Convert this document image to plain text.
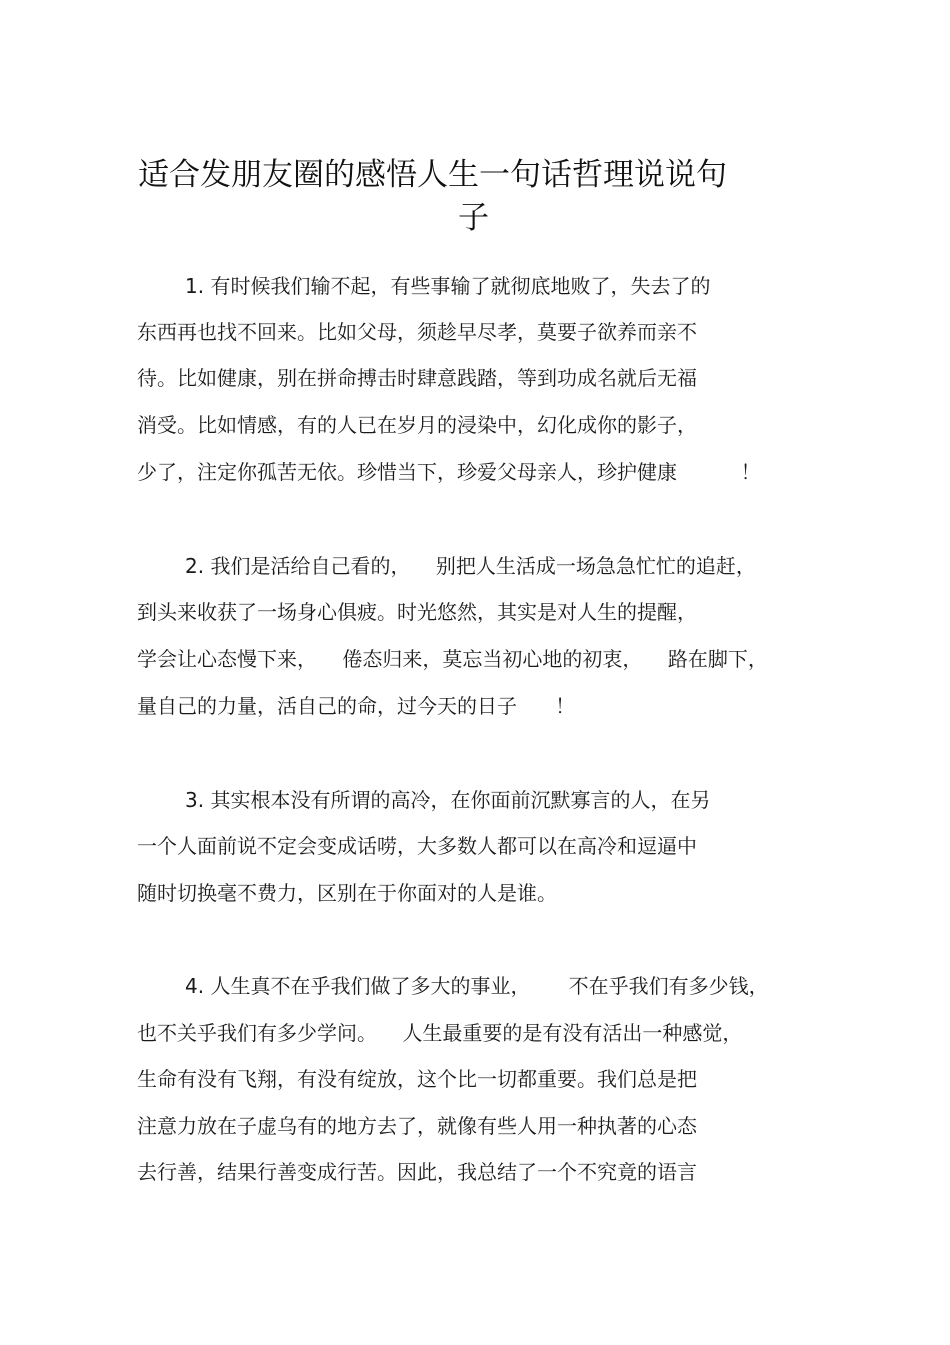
适合发朋友圈的感悟人生一句话哲理说说句
子
1. 有时候我们输不起，有些事输了就彻底地败了，失去了的
东西再也找不回来。比如父母，须趁早尽孝，莫要子欲养而亲不
待。比如健康，别在拼命搏击时肆意践踏，等到功成名就后无福
消受。比如情感，有的人已在岁月的浸染中，幻化成你的影子，
少了，注定你孤苦无依。珍惜当下，珍爱父母亲人，珍护健康          ！
2. 我们是活给自己看的，    别把人生活成一场急急忙忙的追赶，
到头来收获了一场身心俱疲。时光悠然，其实是对人生的提醒，
学会让心态慢下来，    倦态归来，莫忘当初心地的初衷，    路在脚下，
量自己的力量，活自己的命，过今天的日子      ！
3. 其实根本没有所谓的高冷，在你面前沉默寡言的人，在另
一个人面前说不定会变成话唠，大多数人都可以在高冷和逗逼中
随时切换毫不费力，区别在于你面对的人是谁。
4. 人生真不在乎我们做了多大的事业，      不在乎我们有多少钱，
也不关乎我们有多少学问。    人生最重要的是有没有活出一种感觉，
生命有没有飞翔，有没有绽放，这个比一切都重要。我们总是把
注意力放在子虚乌有的地方去了，就像有些人用一种执著的心态
去行善，结果行善变成行苦。因此，我总结了一个不究竟的语言
